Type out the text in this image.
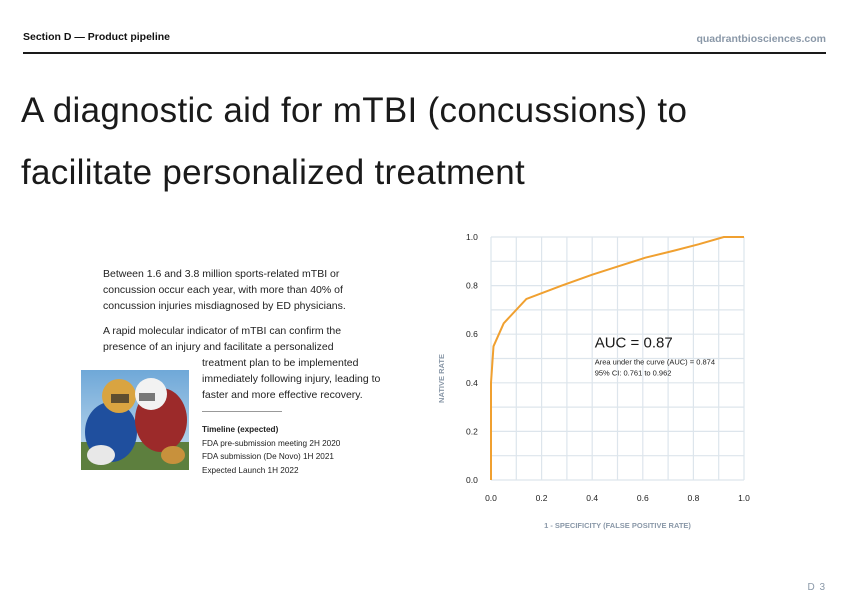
Section D — Product pipeline	quadrantbiosciences.com
A diagnostic aid for mTBI (concussions) to
facilitate personalized treatment
Between 1.6 and 3.8 million sports-related mTBI or concussion occur each year, with more than 40% of concussion injuries misdiagnosed by ED physicians.
A rapid molecular indicator of mTBI can confirm the presence of an injury and facilitate a personalized
treatment plan to be implemented immediately following injury, leading to faster and more effective recovery.
Timeline (expected)
FDA pre-submission meeting 2H 2020
FDA submission (De Novo) 1H 2021
Expected Launch 1H 2022
0.0	0.2	0.4	0.6	0.8	1.0
0.0
0.2
0.4
0.6
0.8
1.0
1 - SPECIFICITY (FALSE POSITIVE RATE)
NATIVE RATE
AUC = 0.87
Area under the curve (AUC) = 0.874
95% CI: 0.761 to 0.962
D 3
